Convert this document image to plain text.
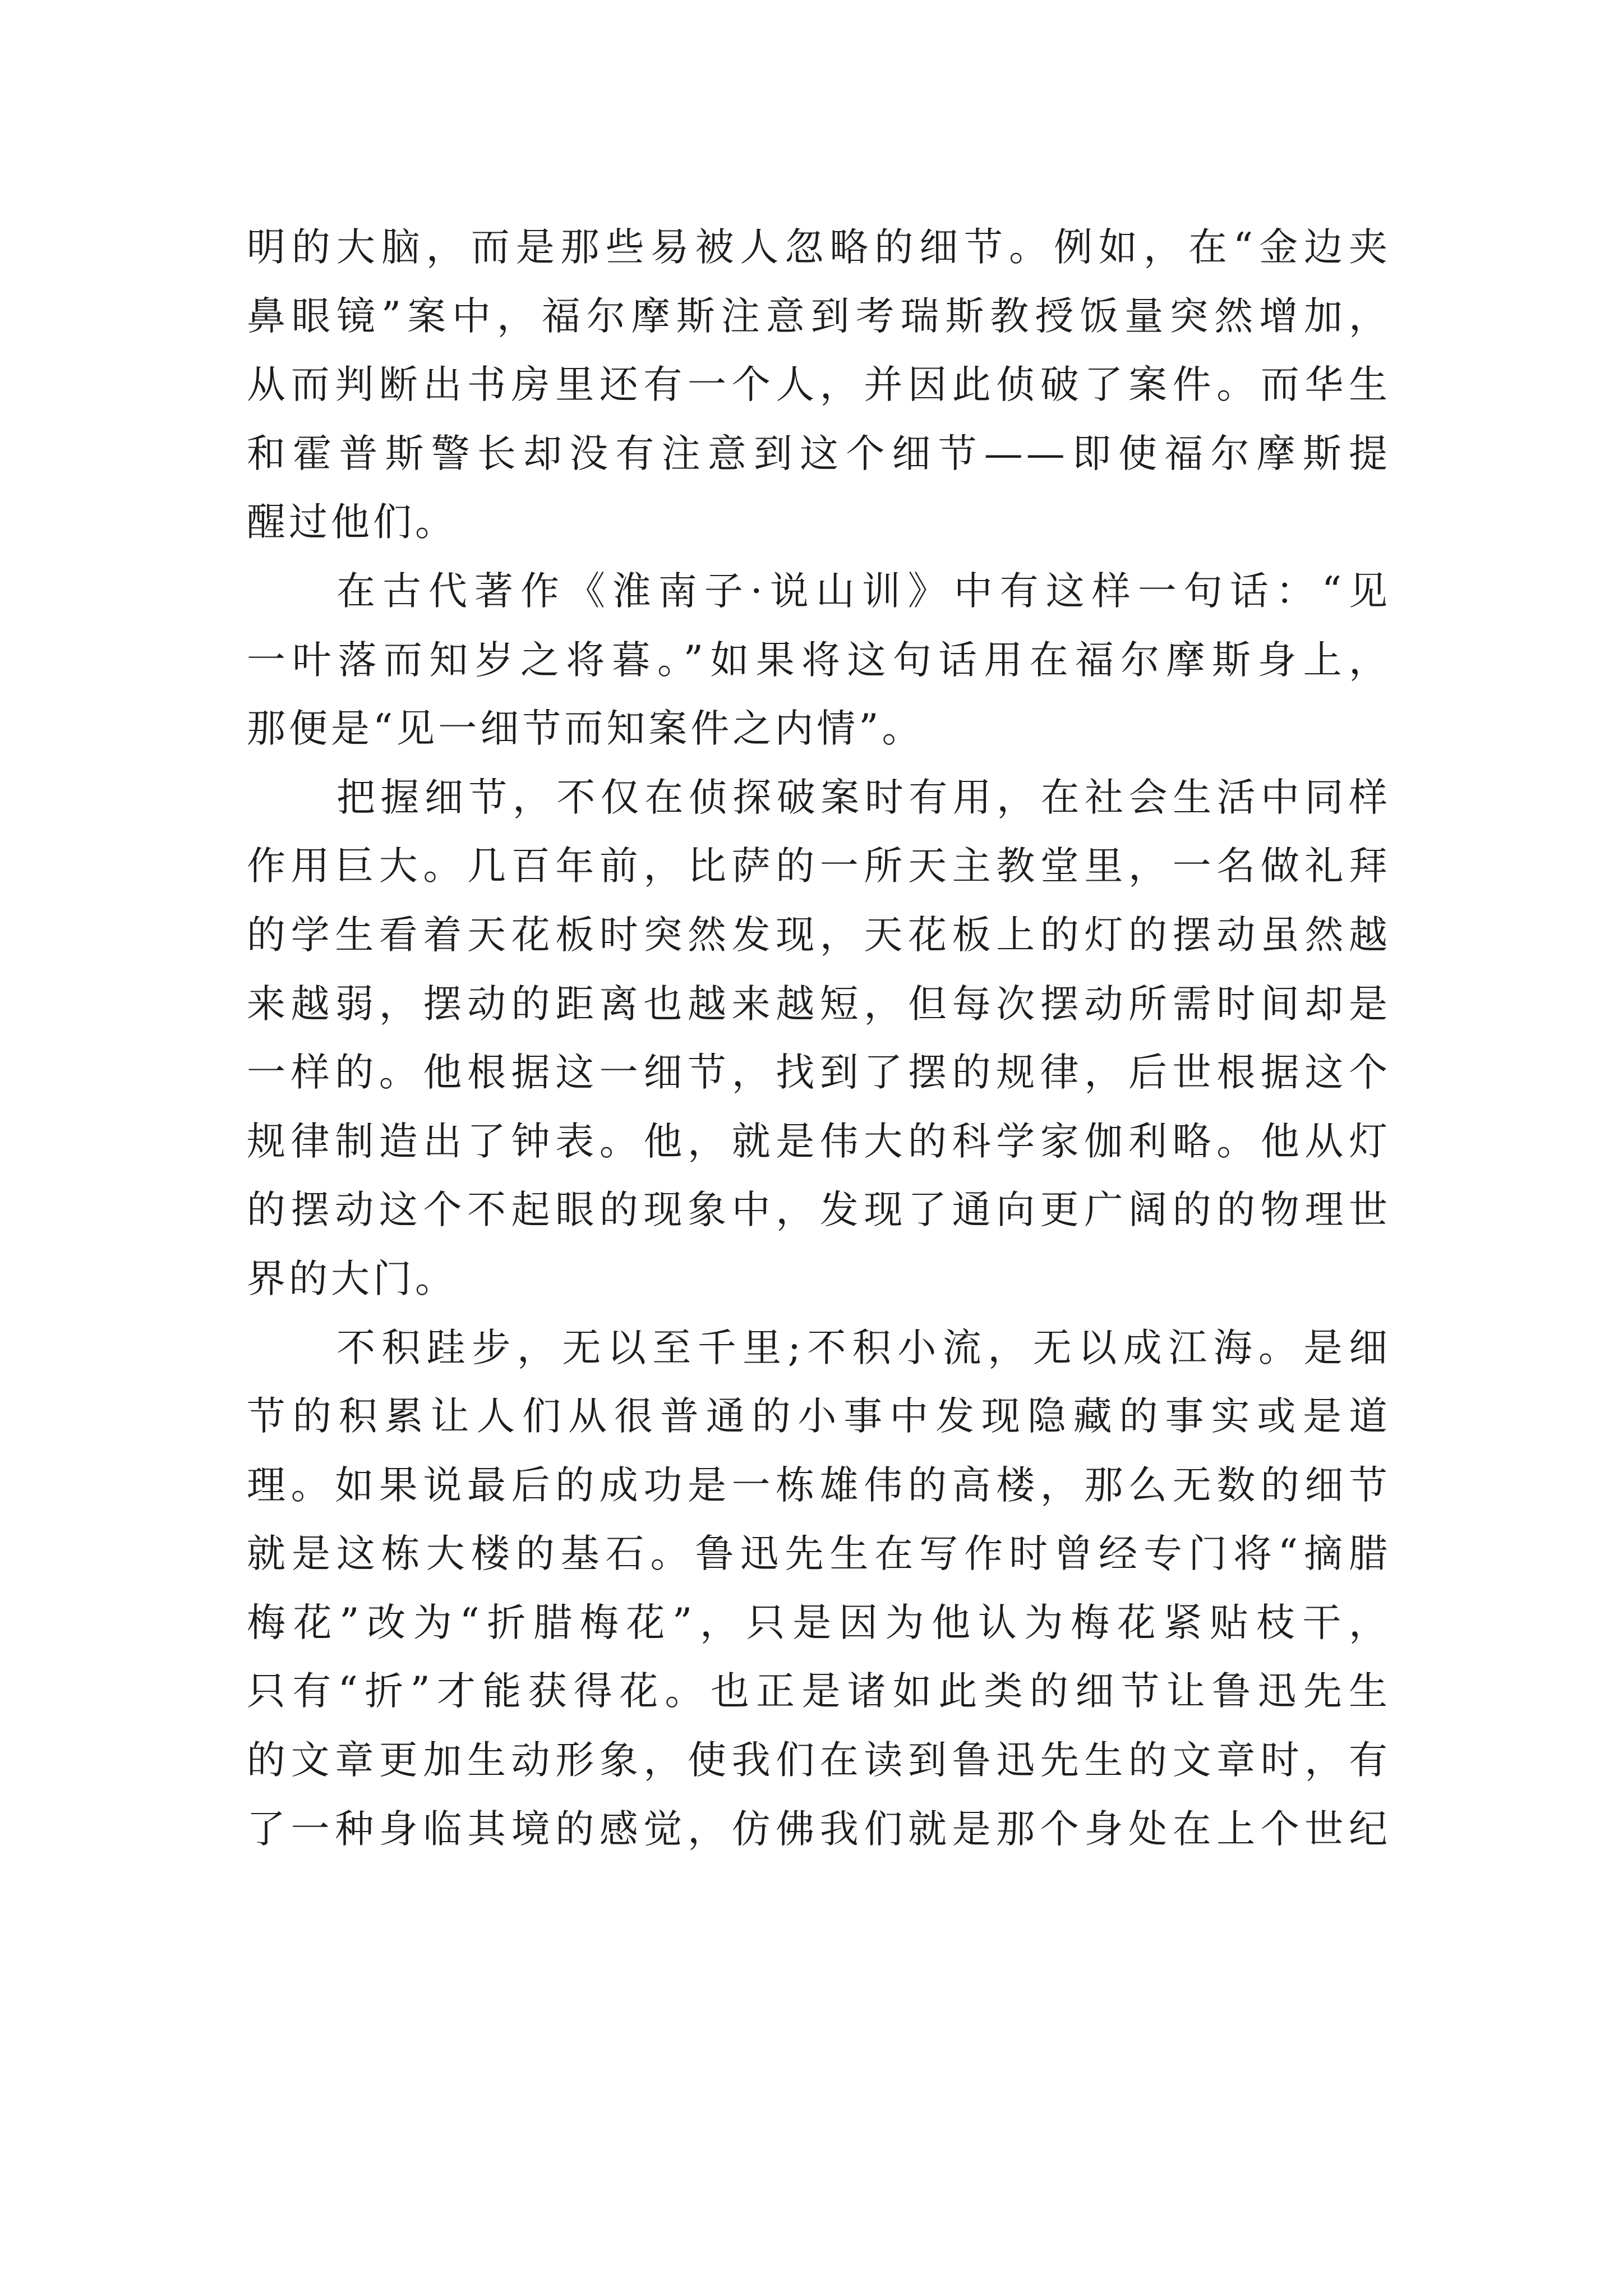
明的大脑，而是那些易被人忽略的细节。例如，在“金边夹
鼻眼镜”案中，福尔摩斯注意到考瑞斯教授饭量突然增加，
从而判断出书房里还有一个人，并因此侦破了案件。而华生
和霍普斯警长却没有注意到这个细节——即使福尔摩斯提
醒过他们。
在古代著作《淮南子·说山训》中有这样一句话：“见
一叶落而知岁之将暮。”如果将这句话用在福尔摩斯身上，
那便是“见一细节而知案件之内情”。
把握细节，不仅在侦探破案时有用，在社会生活中同样
作用巨大。几百年前，比萨的一所天主教堂里，一名做礼拜
的学生看着天花板时突然发现，天花板上的灯的摆动虽然越
来越弱，摆动的距离也越来越短，但每次摆动所需时间却是
一样的。他根据这一细节，找到了摆的规律，后世根据这个
规律制造出了钟表。他，就是伟大的科学家伽利略。他从灯
的摆动这个不起眼的现象中，发现了通向更广阔的的物理世
界的大门。
不积跬步，无以至千里;不积小流，无以成江海。是细
节的积累让人们从很普通的小事中发现隐藏的事实或是道
理。如果说最后的成功是一栋雄伟的高楼，那么无数的细节
就是这栋大楼的基石。鲁迅先生在写作时曾经专门将“摘腊
梅花”改为“折腊梅花”，只是因为他认为梅花紧贴枝干，
只有“折”才能获得花。也正是诸如此类的细节让鲁迅先生
的文章更加生动形象，使我们在读到鲁迅先生的文章时，有
了一种身临其境的感觉，仿佛我们就是那个身处在上个世纪
